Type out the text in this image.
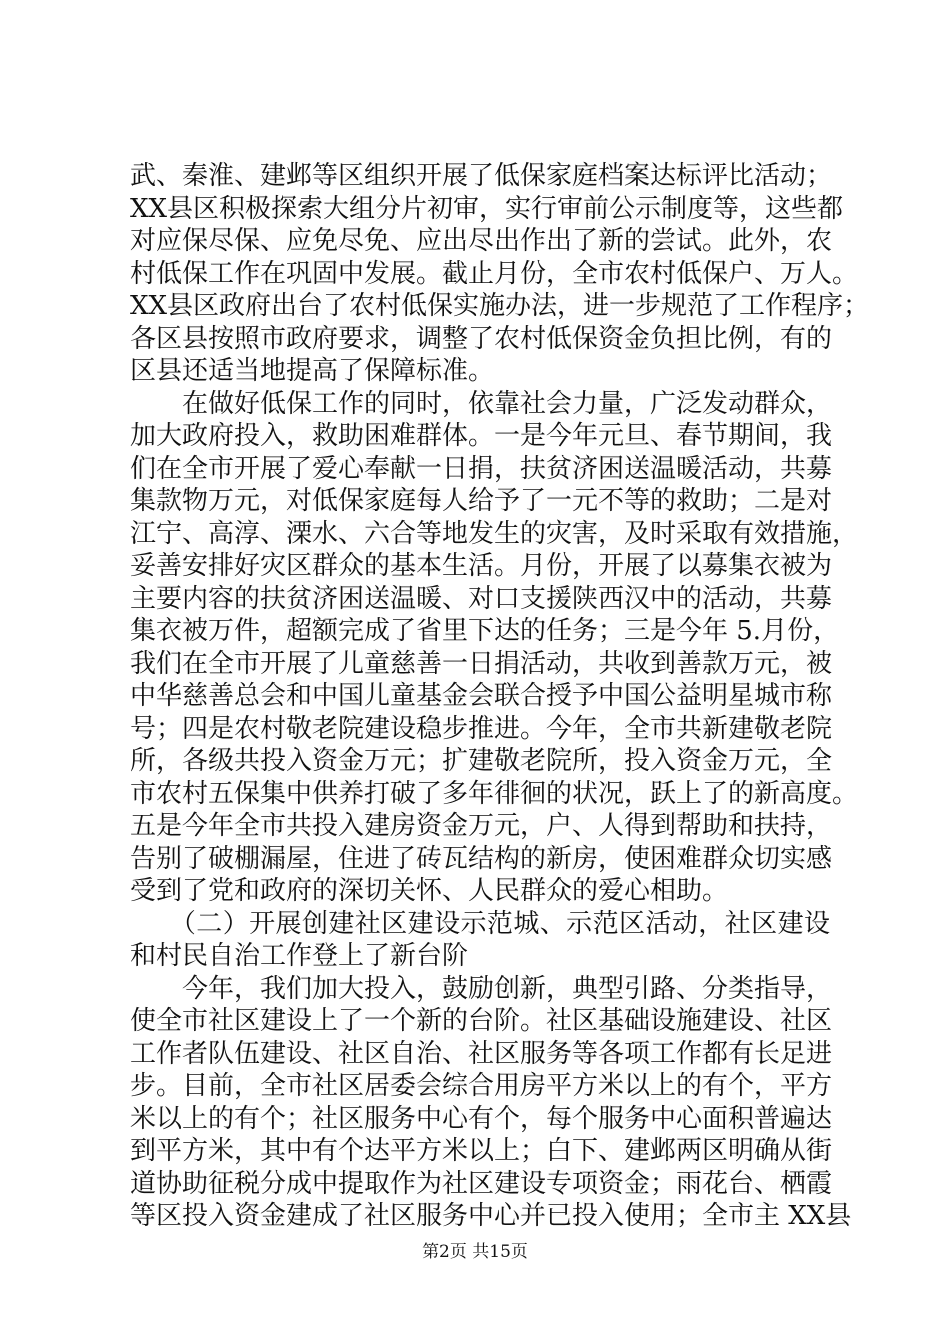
武、秦淮、建邺等区组织开展了低保家庭档案达标评比活动；
XX县区积极探索大组分片初审，实行审前公示制度等，这些都
对应保尽保、应免尽免、应出尽出作出了新的尝试。此外，农
村低保工作在巩固中发展。截止月份，全市农村低保户、万人。
XX县区政府出台了农村低保实施办法，进一步规范了工作程序；
各区县按照市政府要求，调整了农村低保资金负担比例，有的
区县还适当地提高了保障标准。
　　在做好低保工作的同时，依靠社会力量，广泛发动群众，
加大政府投入，救助困难群体。一是今年元旦、春节期间，我
们在全市开展了爱心奉献一日捐，扶贫济困送温暖活动，共募
集款物万元，对低保家庭每人给予了一元不等的救助；二是对
江宁、高淳、溧水、六合等地发生的灾害，及时采取有效措施，
妥善安排好灾区群众的基本生活。月份，开展了以募集衣被为
主要内容的扶贫济困送温暖、对口支援陕西汉中的活动，共募
集衣被万件，超额完成了省里下达的任务；三是今年 5.月份，
我们在全市开展了儿童慈善一日捐活动，共收到善款万元，被
中华慈善总会和中国儿童基金会联合授予中国公益明星城市称
号；四是农村敬老院建设稳步推进。今年，全市共新建敬老院
所，各级共投入资金万元；扩建敬老院所，投入资金万元，全
市农村五保集中供养打破了多年徘徊的状况，跃上了的新高度。
五是今年全市共投入建房资金万元，户、人得到帮助和扶持，
告别了破棚漏屋，住进了砖瓦结构的新房，使困难群众切实感
受到了党和政府的深切关怀、人民群众的爱心相助。
　　（二）开展创建社区建设示范城、示范区活动，社区建设
和村民自治工作登上了新台阶
　　今年，我们加大投入，鼓励创新，典型引路、分类指导，
使全市社区建设上了一个新的台阶。社区基础设施建设、社区
工作者队伍建设、社区自治、社区服务等各项工作都有长足进
步。目前，全市社区居委会综合用房平方米以上的有个，平方
米以上的有个；社区服务中心有个，每个服务中心面积普遍达
到平方米，其中有个达平方米以上；白下、建邺两区明确从街
道协助征税分成中提取作为社区建设专项资金；雨花台、栖霞
等区投入资金建成了社区服务中心并已投入使用；全市主 XX县
第2页 共15页
